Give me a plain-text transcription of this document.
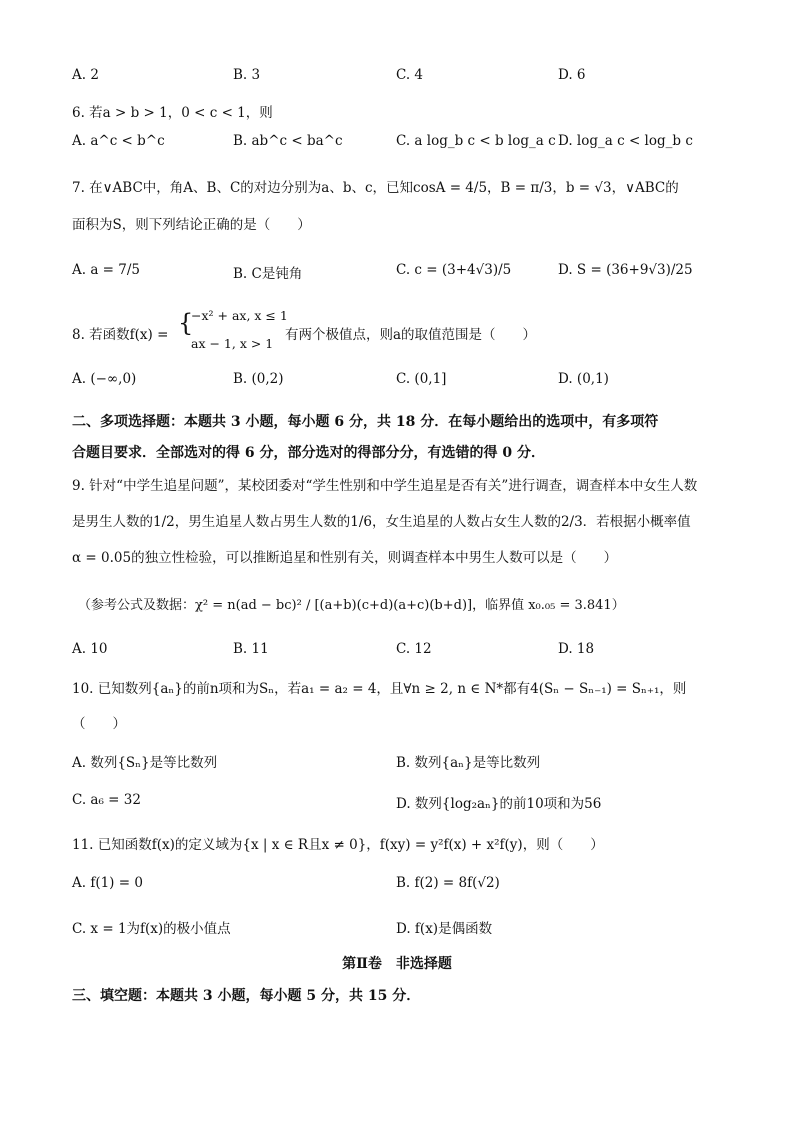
A. 2	B. 3	C. 4	D. 6
6. 若a > b > 1，0 < c < 1，则
A. a^c < b^c	B. ab^c < ba^c	C. a log_b c < b log_a c D. log_a c < log_b c
7. 在∨ABC中，角A、B、C的对边分别为a、b、c，已知cosA = 4/5，B = π/3，b = √3，∨ABC的
面积为S，则下列结论正确的是（　　）
A. a = 7/5	B. C是钝角	C. c = (3+4√3)/5	D. S = (36+9√3)/25
8. 若函数f(x) = {
−x² + ax, x ≤ 1
ax − 1, x > 1
有两个极值点，则a的取值范围是（　　）
A. (−∞,0)	B. (0,2)	C. (0,1]	D. (0,1)
二、多项选择题：本题共 3 小题，每小题 6 分，共 18 分．在每小题给出的选项中，有多项符
合题目要求．全部选对的得 6 分，部分选对的得部分分，有选错的得 0 分．
9. 针对“中学生追星问题”，某校团委对“学生性别和中学生追星是否有关”进行调查，调查样本中女生人数
是男生人数的1/2，男生追星人数占男生人数的1/6，女生追星的人数占女生人数的2/3．若根据小概率值
α = 0.05的独立性检验，可以推断追星和性别有关，则调查样本中男生人数可以是（　　）
（参考公式及数据：χ² = n(ad − bc)² / [(a+b)(c+d)(a+c)(b+d)]，临界值 x₀.₀₅ = 3.841）
A. 10	B. 11	C. 12	D. 18
10. 已知数列{aₙ}的前n项和为Sₙ，若a₁ = a₂ = 4，且∀n ≥ 2, n ∈ N*都有4(Sₙ − Sₙ₋₁) = Sₙ₊₁，则
（　　）
A. 数列{Sₙ}是等比数列	B. 数列{aₙ}是等比数列
C. a₆ = 32	D. 数列{log₂aₙ}的前10项和为56
11. 已知函数f(x)的定义域为{x | x ∈ R且x ≠ 0}，f(xy) = y²f(x) + x²f(y)，则（　　）
A. f(1) = 0	B. f(2) = 8f(√2)
C. x = 1为f(x)的极小值点	D. f(x)是偶函数
第Ⅱ卷　非选择题
三、填空题：本题共 3 小题，每小题 5 分，共 15 分．
